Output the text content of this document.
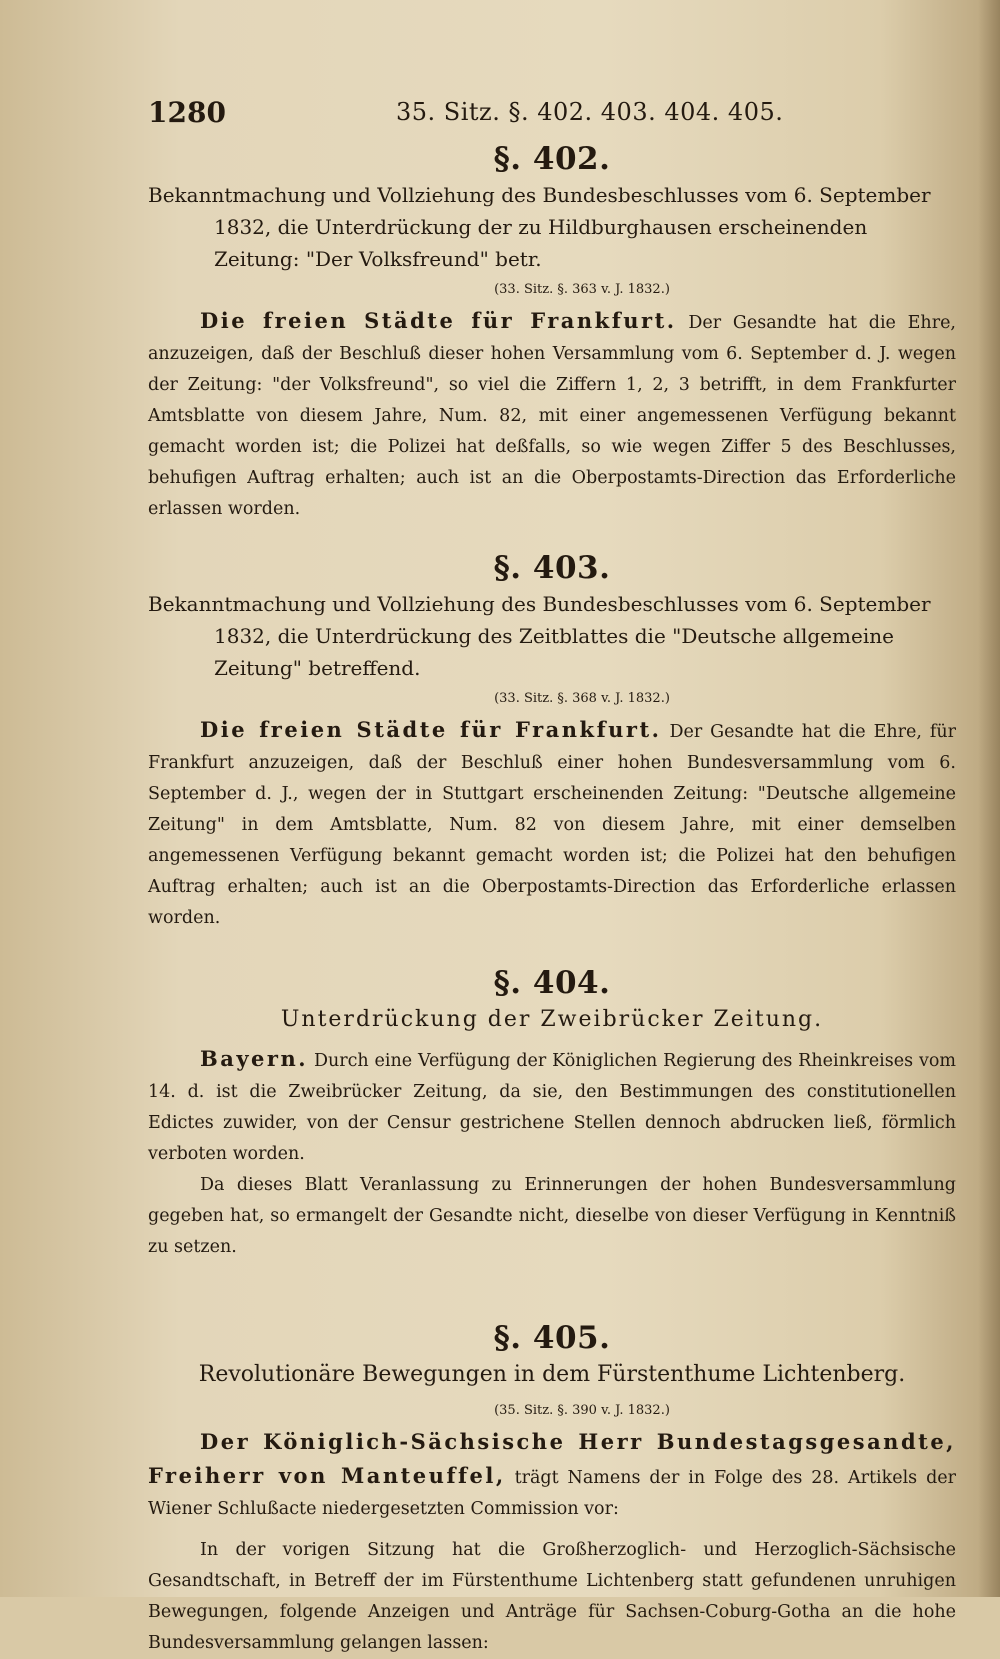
1280	35. Sitz. §. 402. 403. 404. 405.
§. 402.
Bekanntmachung und Vollziehung des Bundesbeschlusses vom 6. September 1832, die Unterdrückung der zu Hildburghausen erscheinenden Zeitung: "Der Volksfreund" betr.
(33. Sitz. §. 363 v. J. 1832.)

Die freien Städte für Frankfurt. Der Gesandte hat die Ehre, anzuzeigen, daß der Beschluß dieser hohen Versammlung vom 6. September d. J. wegen der Zeitung: "der Volksfreund", so viel die Ziffern 1, 2, 3 betrifft, in dem Frankfurter Amtsblatte von diesem Jahre, Num. 82, mit einer angemessenen Verfügung bekannt gemacht worden ist; die Polizei hat deßfalls, so wie wegen Ziffer 5 des Beschlusses, behufigen Auftrag erhalten; auch ist an die Oberpostamts-Direction das Erforderliche erlassen worden.

§. 403.
Bekanntmachung und Vollziehung des Bundesbeschlusses vom 6. September 1832, die Unterdrückung des Zeitblattes die "Deutsche allgemeine Zeitung" betreffend.
(33. Sitz. §. 368 v. J. 1832.)

Die freien Städte für Frankfurt. Der Gesandte hat die Ehre, für Frankfurt anzuzeigen, daß der Beschluß einer hohen Bundesversammlung vom 6. September d. J., wegen der in Stuttgart erscheinenden Zeitung: "Deutsche allgemeine Zeitung" in dem Amtsblatte, Num. 82 von diesem Jahre, mit einer demselben angemessenen Verfügung bekannt gemacht worden ist; die Polizei hat den behufigen Auftrag erhalten; auch ist an die Oberpostamts-Direction das Erforderliche erlassen worden.

§. 404.
Unterdrückung der Zweibrücker Zeitung.

Bayern. Durch eine Verfügung der Königlichen Regierung des Rheinkreises vom 14. d. ist die Zweibrücker Zeitung, da sie, den Bestimmungen des constitutionellen Edictes zuwider, von der Censur gestrichene Stellen dennoch abdrucken ließ, förmlich verboten worden.

Da dieses Blatt Veranlassung zu Erinnerungen der hohen Bundesversammlung gegeben hat, so ermangelt der Gesandte nicht, dieselbe von dieser Verfügung in Kenntniß zu setzen.

§. 405.
Revolutionäre Bewegungen in dem Fürstenthume Lichtenberg.
(35. Sitz. §. 390 v. J. 1832.)

Der Königlich-Sächsische Herr Bundestagsgesandte, Freiherr von Manteuffel, trägt Namens der in Folge des 28. Artikels der Wiener Schlußacte niedergesetzten Commission vor:

In der vorigen Sitzung hat die Großherzoglich- und Herzoglich-Sächsische Gesandtschaft, in Betreff der im Fürstenthume Lichtenberg statt gefundenen unruhigen Bewegungen, folgende Anzeigen und Anträge für Sachsen-Coburg-Gotha an die hohe Bundesversammlung gelangen lassen:
